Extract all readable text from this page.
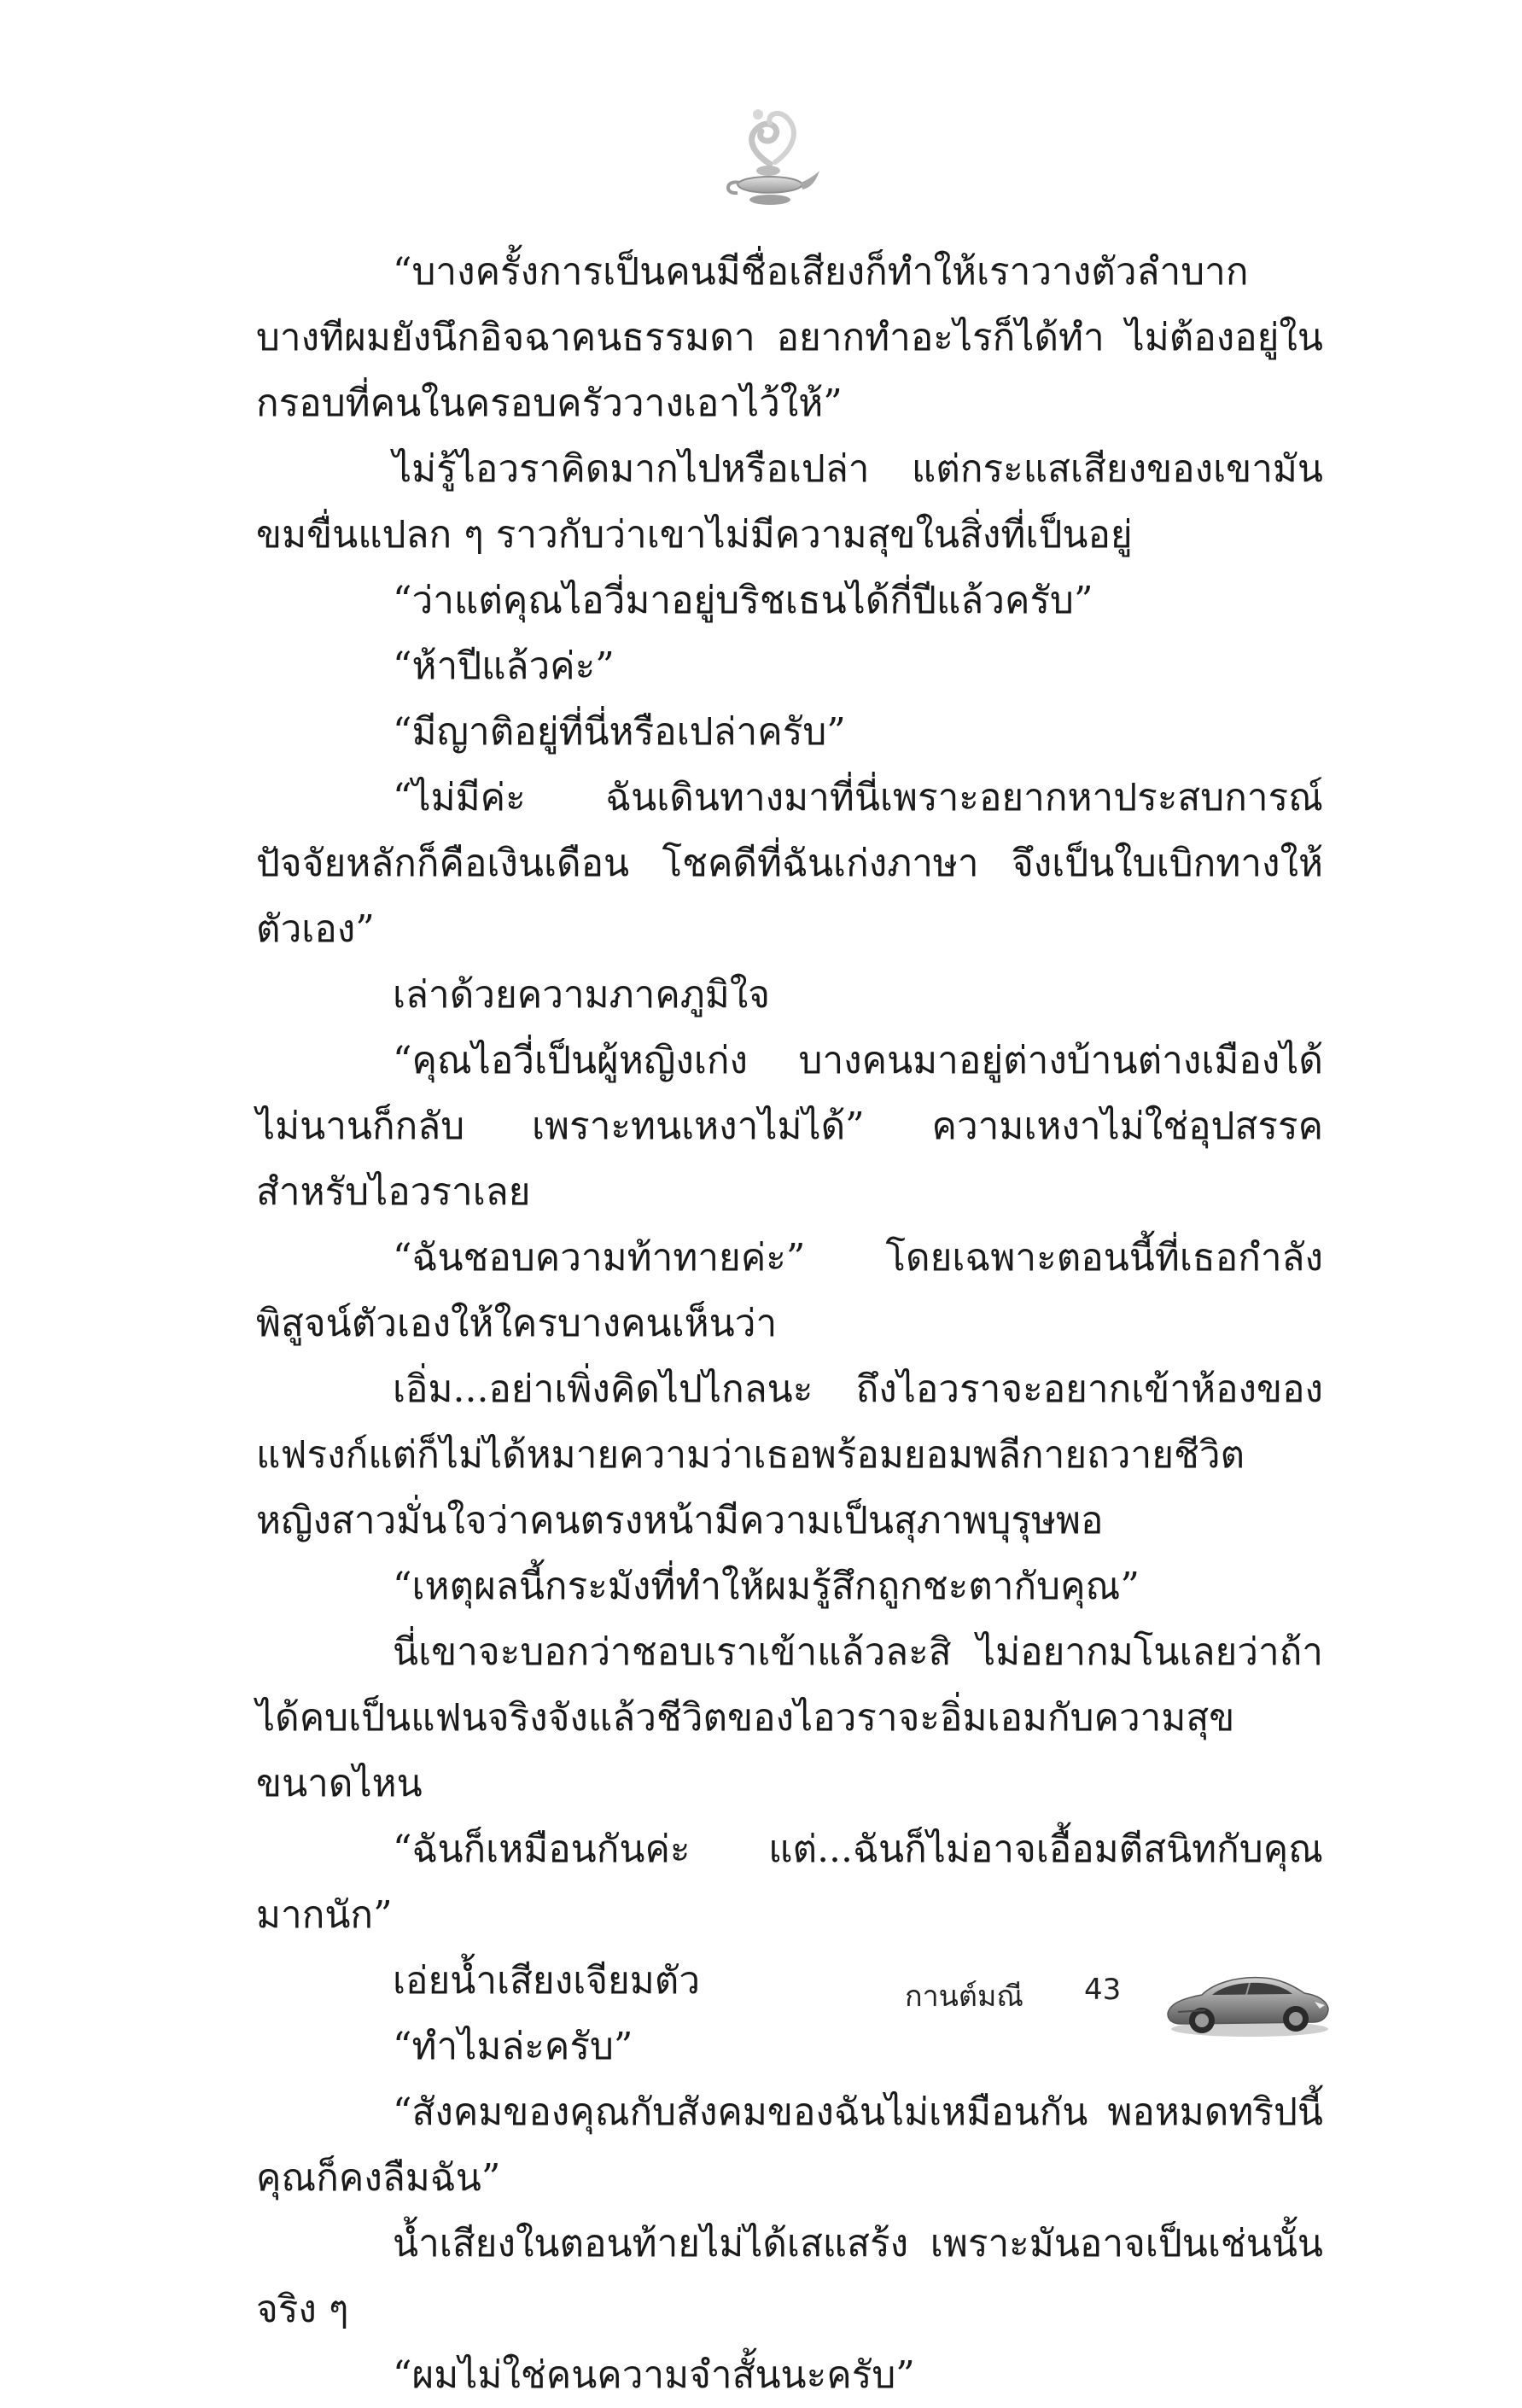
“บางครั้งการเป็นคนมีชื่อเสียงก็ทำให้เราวางตัวลำบาก บางทีผมยังนึกอิจฉาคนธรรมดา อยากทำอะไรก็ได้ทำ ไม่ต้องอยู่ในกรอบที่คนในครอบครัววางเอาไว้ให้”

ไม่รู้ไอวราคิดมากไปหรือเปล่า แต่กระแสเสียงของเขามันขมขื่นแปลก ๆ ราวกับว่าเขาไม่มีความสุขในสิ่งที่เป็นอยู่

“ว่าแต่คุณไอวี่มาอยู่บริชเธนได้กี่ปีแล้วครับ”

“ห้าปีแล้วค่ะ”

“มีญาติอยู่ที่นี่หรือเปล่าครับ”

“ไม่มีค่ะ ฉันเดินทางมาที่นี่เพราะอยากหาประสบการณ์ ปัจจัยหลักก็คือเงินเดือน โชคดีที่ฉันเก่งภาษา จึงเป็นใบเบิกทางให้ตัวเอง”

เล่าด้วยความภาคภูมิใจ

“คุณไอวี่เป็นผู้หญิงเก่ง บางคนมาอยู่ต่างบ้านต่างเมืองได้ไม่นานก็กลับ เพราะทนเหงาไม่ได้” ความเหงาไม่ใช่อุปสรรคสำหรับไอวราเลย

“ฉันชอบความท้าทายค่ะ” โดยเฉพาะตอนนี้ที่เธอกำลังพิสูจน์ตัวเองให้ใครบางคนเห็นว่า

เอิ่ม...อย่าเพิ่งคิดไปไกลนะ ถึงไอวราจะอยากเข้าห้องของแฟรงก์แต่ก็ไม่ได้หมายความว่าเธอพร้อมยอมพลีกายถวายชีวิต หญิงสาวมั่นใจว่าคนตรงหน้ามีความเป็นสุภาพบุรุษพอ

“เหตุผลนี้กระมังที่ทำให้ผมรู้สึกถูกชะตากับคุณ”

นี่เขาจะบอกว่าชอบเราเข้าแล้วละสิ ไม่อยากมโนเลยว่าถ้าได้คบเป็นแฟนจริงจังแล้วชีวิตของไอวราจะอิ่มเอมกับความสุขขนาดไหน

“ฉันก็เหมือนกันค่ะ แต่...ฉันก็ไม่อาจเอื้อมตีสนิทกับคุณมากนัก”

เอ่ยน้ำเสียงเจียมตัว

“ทำไมล่ะครับ”

“สังคมของคุณกับสังคมของฉันไม่เหมือนกัน พอหมดทริปนี้คุณก็คงลืมฉัน”

น้ำเสียงในตอนท้ายไม่ได้เสแสร้ง เพราะมันอาจเป็นเช่นนั้นจริง ๆ

“ผมไม่ใช่คนความจำสั้นนะครับ”

กานต์มณี 43
